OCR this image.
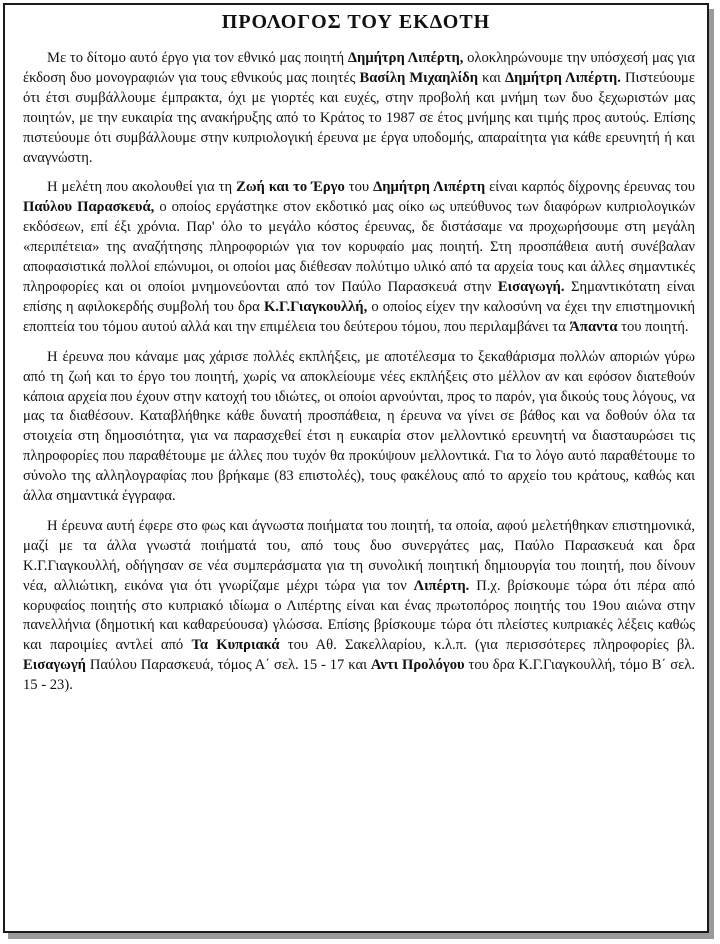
ΠΡΟΛΟΓΟΣ ΤΟΥ ΕΚΔΟΤΗ

Με το δίτομο αυτό έργο για τον εθνικό μας ποιητή Δημήτρη Λιπέρτη, ολοκληρώνουμε την υπόσχεσή μας για έκδοση δυο μονογραφιών για τους εθνικούς μας ποιητές Βασίλη Μιχαηλίδη και Δημήτρη Λιπέρτη. Πιστεύουμε ότι έτσι συμβάλλουμε έμπρακτα, όχι με γιορτές και ευχές, στην προβολή και μνήμη των δυο ξεχωριστών μας ποιητών, με την ευκαιρία της ανακήρυξης από το Κράτος το 1987 σε έτος μνήμης και τιμής προς αυτούς. Επίσης πιστεύουμε ότι συμβάλλουμε στην κυπριολογική έρευνα με έργα υποδομής, απαραίτητα για κάθε ερευνητή ή και αναγνώστη.

Η μελέτη που ακολουθεί για τη Ζωή και το Έργο του Δημήτρη Λιπέρτη είναι καρπός δίχρονης έρευνας του Παύλου Παρασκευά, ο οποίος εργάστηκε στον εκδοτικό μας οίκο ως υπεύθυνος των διαφόρων κυπριολογικών εκδόσεων, επί έξι χρόνια. Παρ' όλο το μεγάλο κόστος έρευνας, δε διστάσαμε να προχωρήσουμε στη μεγάλη «περιπέτεια» της αναζήτησης πληροφοριών για τον κορυφαίο μας ποιητή. Στη προσπάθεια αυτή συνέβαλαν αποφασιστικά πολλοί επώνυμοι, οι οποίοι μας διέθεσαν πολύτιμο υλικό από τα αρχεία τους και άλλες σημαντικές πληροφορίες και οι οποίοι μνημονεύονται από τον Παύλο Παρασκευά στην Εισαγωγή. Σημαντικότατη είναι επίσης η αφιλοκερδής συμβολή του δρα Κ.Γ.Γιαγκουλλή, ο οποίος είχεν την καλοσύνη να έχει την επιστημονική εποπτεία του τόμου αυτού αλλά και την επιμέλεια του δεύτερου τόμου, που περιλαμβάνει τα Άπαντα του ποιητή.

Η έρευνα που κάναμε μας χάρισε πολλές εκπλήξεις, με αποτέλεσμα το ξεκαθάρισμα πολλών αποριών γύρω από τη ζωή και το έργο του ποιητή, χωρίς να αποκλείουμε νέες εκπλήξεις στο μέλλον αν και εφόσον διατεθούν κάποια αρχεία που έχουν στην κατοχή του ιδιώτες, οι οποίοι αρνούνται, προς το παρόν, για δικούς τους λόγους, να μας τα διαθέσουν. Καταβλήθηκε κάθε δυνατή προσπάθεια, η έρευνα να γίνει σε βάθος και να δοθούν όλα τα στοιχεία στη δημοσιότητα, για να παρασχεθεί έτσι η ευκαιρία στον μελλοντικό ερευνητή να διασταυρώσει τις πληροφορίες που παραθέτουμε με άλλες που τυχόν θα προκύψουν μελλοντικά. Για το λόγο αυτό παραθέτουμε το σύνολο της αλληλογραφίας που βρήκαμε (83 επιστολές), τους φακέλους από το αρχείο του κράτους, καθώς και άλλα σημαντικά έγγραφα.

Η έρευνα αυτή έφερε στο φως και άγνωστα ποιήματα του ποιητή, τα οποία, αφού μελετήθηκαν επιστημονικά, μαζί με τα άλλα γνωστά ποιήματά του, από τους δυο συνεργάτες μας, Παύλο Παρασκευά και δρα Κ.Γ.Γιαγκουλλή, οδήγησαν σε νέα συμπεράσματα για τη συνολική ποιητική δημιουργία του ποιητή, που δίνουν νέα, αλλιώτικη, εικόνα για ότι γνωρίζαμε μέχρι τώρα για τον Λιπέρτη. Π.χ. βρίσκουμε τώρα ότι πέρα από κορυφαίος ποιητής στο κυπριακό ιδίωμα ο Λιπέρτης είναι και ένας πρωτοπόρος ποιητής του 19ου αιώνα στην πανελλήνια (δημοτική και καθαρεύουσα) γλώσσα. Επίσης βρίσκουμε τώρα ότι πλείστες κυπριακές λέξεις καθώς και παροιμίες αντλεί από Τα Κυπριακά του Αθ. Σακελλαρίου, κ.λ.π. (για περισσότερες πληροφορίες βλ. Εισαγωγή Παύλου Παρασκευά, τόμος Α΄ σελ. 15 - 17 και Αντι Προλόγου του δρα Κ.Γ.Γιαγκουλλή, τόμο Β΄ σελ. 15 - 23).
